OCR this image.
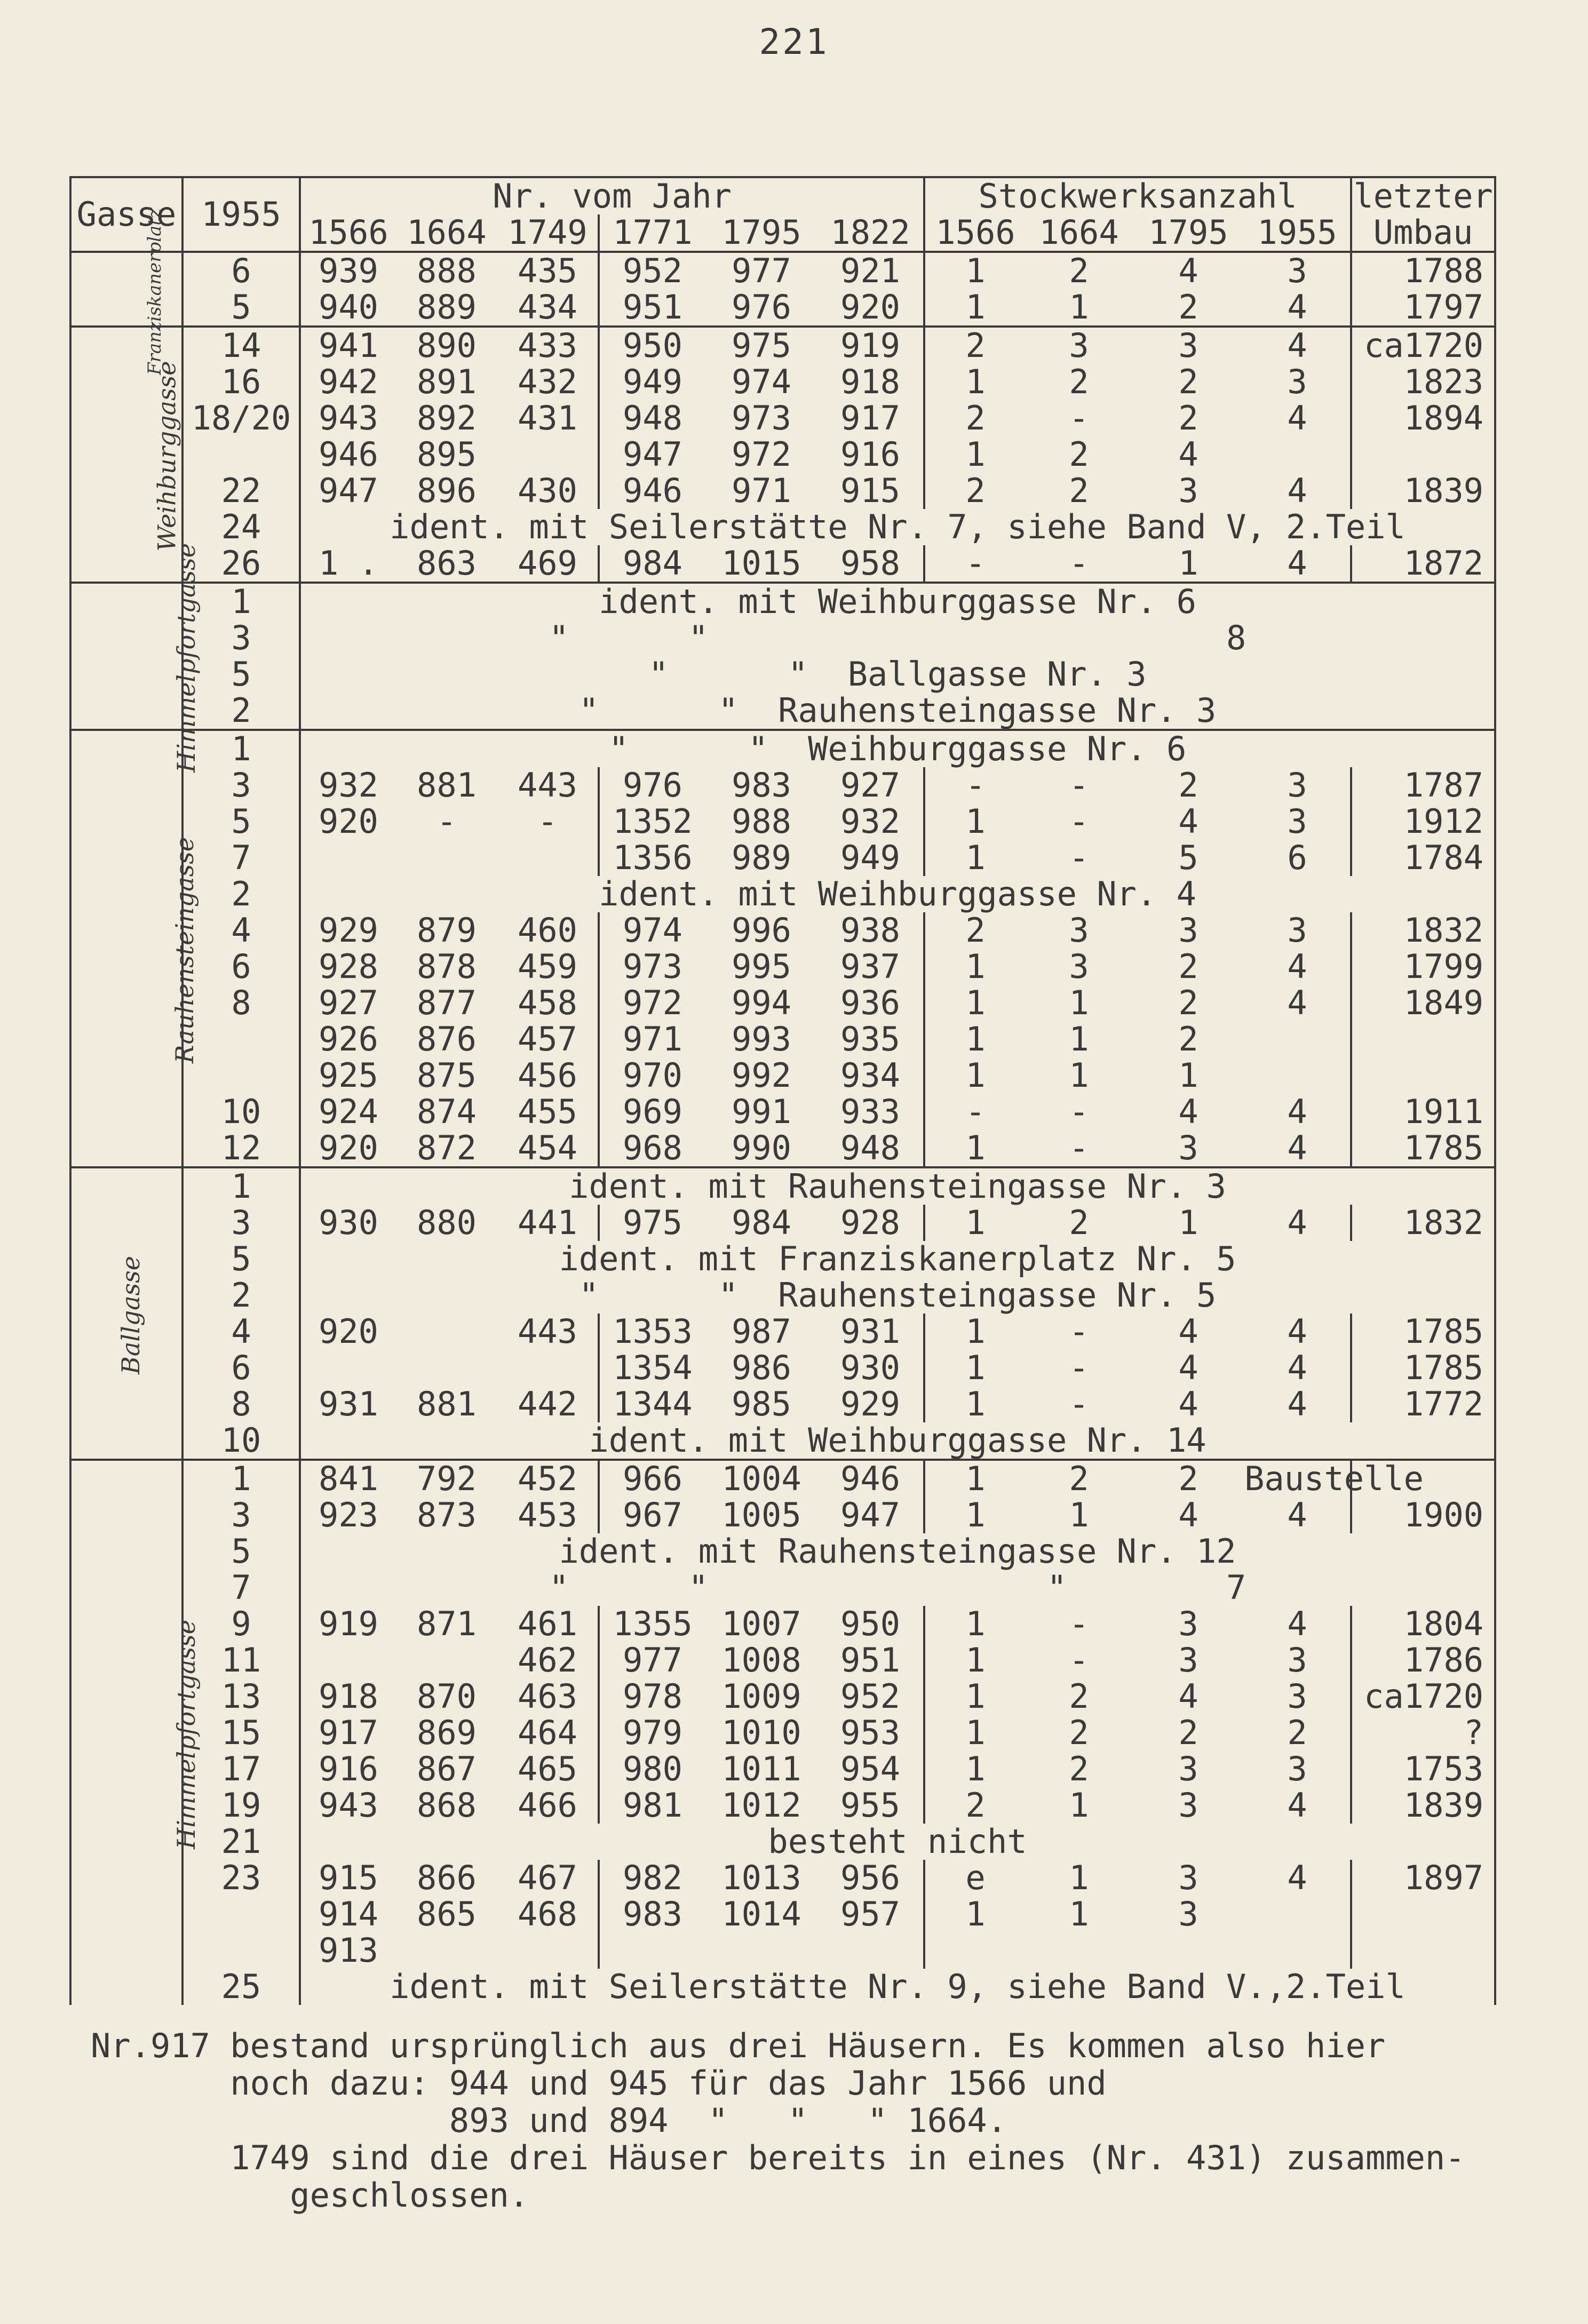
221
Gasse	1955	Nr. vom Jahr						Stockwerksanzahl				letzter
		1566	1664	1749	1771	1795	1822	1566	1664	1795	1955	Umbau
Franziskanerplatz	6	939	888	435	952	977	921	1	2	4	3	1788
	5	940	889	434	951	976	920	1	1	2	4	1797
Weihburggasse	14	941	890	433	950	975	919	2	3	3	4	ca1720
	16	942	891	432	949	974	918	1	2	2	3	1823
	18/20	943	892	431	948	973	917	2	-	2	4	1894
		946	895		947	972	916	1	2	4		
	22	947	896	430	946	971	915	2	2	3	4	1839
	24	ident. mit Seilerstätte Nr. 7, siehe Band V, 2.Teil										
	26	1 .	863	469	984	1015	958	-	-	1	4	1872
Himmelpfortgasse	1	ident. mit Weihburggasse Nr. 6										
	3	"      "                          8										
	5	"      "  Ballgasse Nr. 3										
	2	"      "  Rauhensteingasse Nr. 3										
Rauhensteingasse	1	"      "  Weihburggasse Nr. 6										
	3	932	881	443	976	983	927	-	-	2	3	1787
	5	920	-	-	1352	988	932	1	-	4	3	1912
	7				1356	989	949	1	-	5	6	1784
	2	ident. mit Weihburggasse Nr. 4										
	4	929	879	460	974	996	938	2	3	3	3	1832
	6	928	878	459	973	995	937	1	3	2	4	1799
	8	927	877	458	972	994	936	1	1	2	4	1849
		926	876	457	971	993	935	1	1	2		
		925	875	456	970	992	934	1	1	1		
	10	924	874	455	969	991	933	-	-	4	4	1911
	12	920	872	454	968	990	948	1	-	3	4	1785
Ballgasse	1	ident. mit Rauhensteingasse Nr. 3										
	3	930	880	441	975	984	928	1	2	1	4	1832
	5	ident. mit Franziskanerplatz Nr. 5										
	2	"      "  Rauhensteingasse Nr. 5										
	4	920		443	1353	987	931	1	-	4	4	1785
	6				1354	986	930	1	-	4	4	1785
	8	931	881	442	1344	985	929	1	-	4	4	1772
	10	ident. mit Weihburggasse Nr. 14										
Himmelpfortgasse	1	841	792	452	966	1004	946	1	2	2	Baustelle	
	3	923	873	453	967	1005	947	1	1	4	4	1900
	5	ident. mit Rauhensteingasse Nr. 12										
	7	"      "                 "        7										
	9	919	871	461	1355	1007	950	1	-	3	4	1804
	11			462	977	1008	951	1	-	3	3	1786
	13	918	870	463	978	1009	952	1	2	4	3	ca1720
	15	917	869	464	979	1010	953	1	2	2	2	?
	17	916	867	465	980	1011	954	1	2	3	3	1753
	19	943	868	466	981	1012	955	2	1	3	4	1839
	21	besteht nicht										
	23	915	866	467	982	1013	956	e	1	3	4	1897
		914	865	468	983	1014	957	1	1	3		
		913										
	25	ident. mit Seilerstätte Nr. 9, siehe Band V.,2.Teil										
Nr.917 bestand ursprünglich aus drei Häusern. Es kommen also hier
noch dazu: 944 und 945 für das Jahr 1566 und
893 und 894  "   "   " 1664.
1749 sind die drei Häuser bereits in eines (Nr. 431) zusammen-
geschlossen.
